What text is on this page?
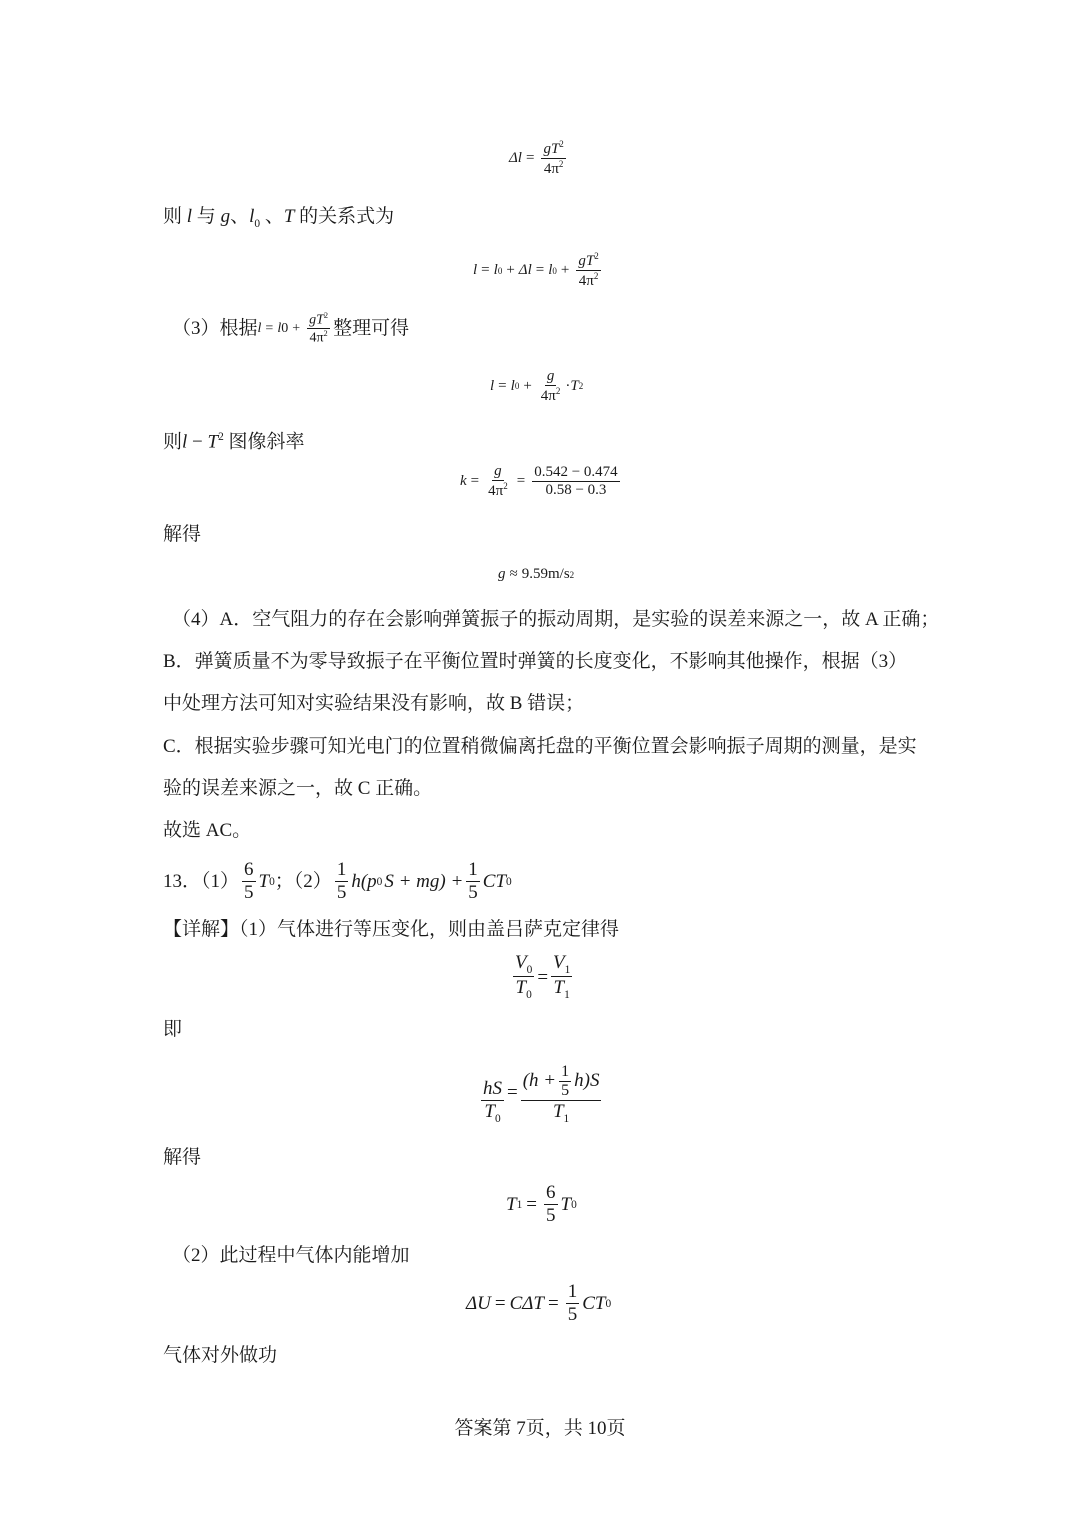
$\Delta l = \frac{gT^2}{4\pi^2}$
则 l 与 g、$l_0$ 、T 的关系式为
l = l 0 + Δl = l $0 + \frac{gT^2}{4\pi^2}$
（3）根据 l = l $0 + \frac{gT^2}{4\pi^2}$ 整理可得
l = l $0 + \frac{g}{4\pi^2} \cdot T$ 2
则$l - T^2$ 图像斜率
$k = \frac{g}{4\pi^2} = \frac{0.542 - 0.474}{0.58 - 0.3}$
解得
g ≈ 9.59m/s 2
（4）A．空气阻力的存在会影响弹簧振子的振动周期，是实验的误差来源之一，故 A 正确；
B．弹簧质量不为零导致振子在平衡位置时弹簧的长度变化，不影响其他操作，根据（3）
中处理方法可知对实验结果没有影响，故 B 错误；
C．根据实验步骤可知光电门的位置稍微偏离托盘的平衡位置会影响振子周期的测量，是实
验的误差来源之一，故 C 正确。
故选 AC。
13．$(1) \frac{6}{5}$ T 0 ；$(2) \frac{1}{5} h(p$ 0 $S + mg) + \frac{1}{5}$ CT 0
【详解】（1）气体进行等压变化，则由盖吕萨克定律得
$\frac{V_0}{T_0} = \frac{V_1}{T_1}$
即
$\frac{hS}{T_0} = \frac{(h + \frac{1}{5} h)S}{T_1}$
解得
T $1 = \frac{6}{5}$ T 0
（2）此过程中气体内能增加
$\Delta U = C\Delta T = \frac{1}{5}$ CT 0
气体对外做功
答案第 7页，共 10页
